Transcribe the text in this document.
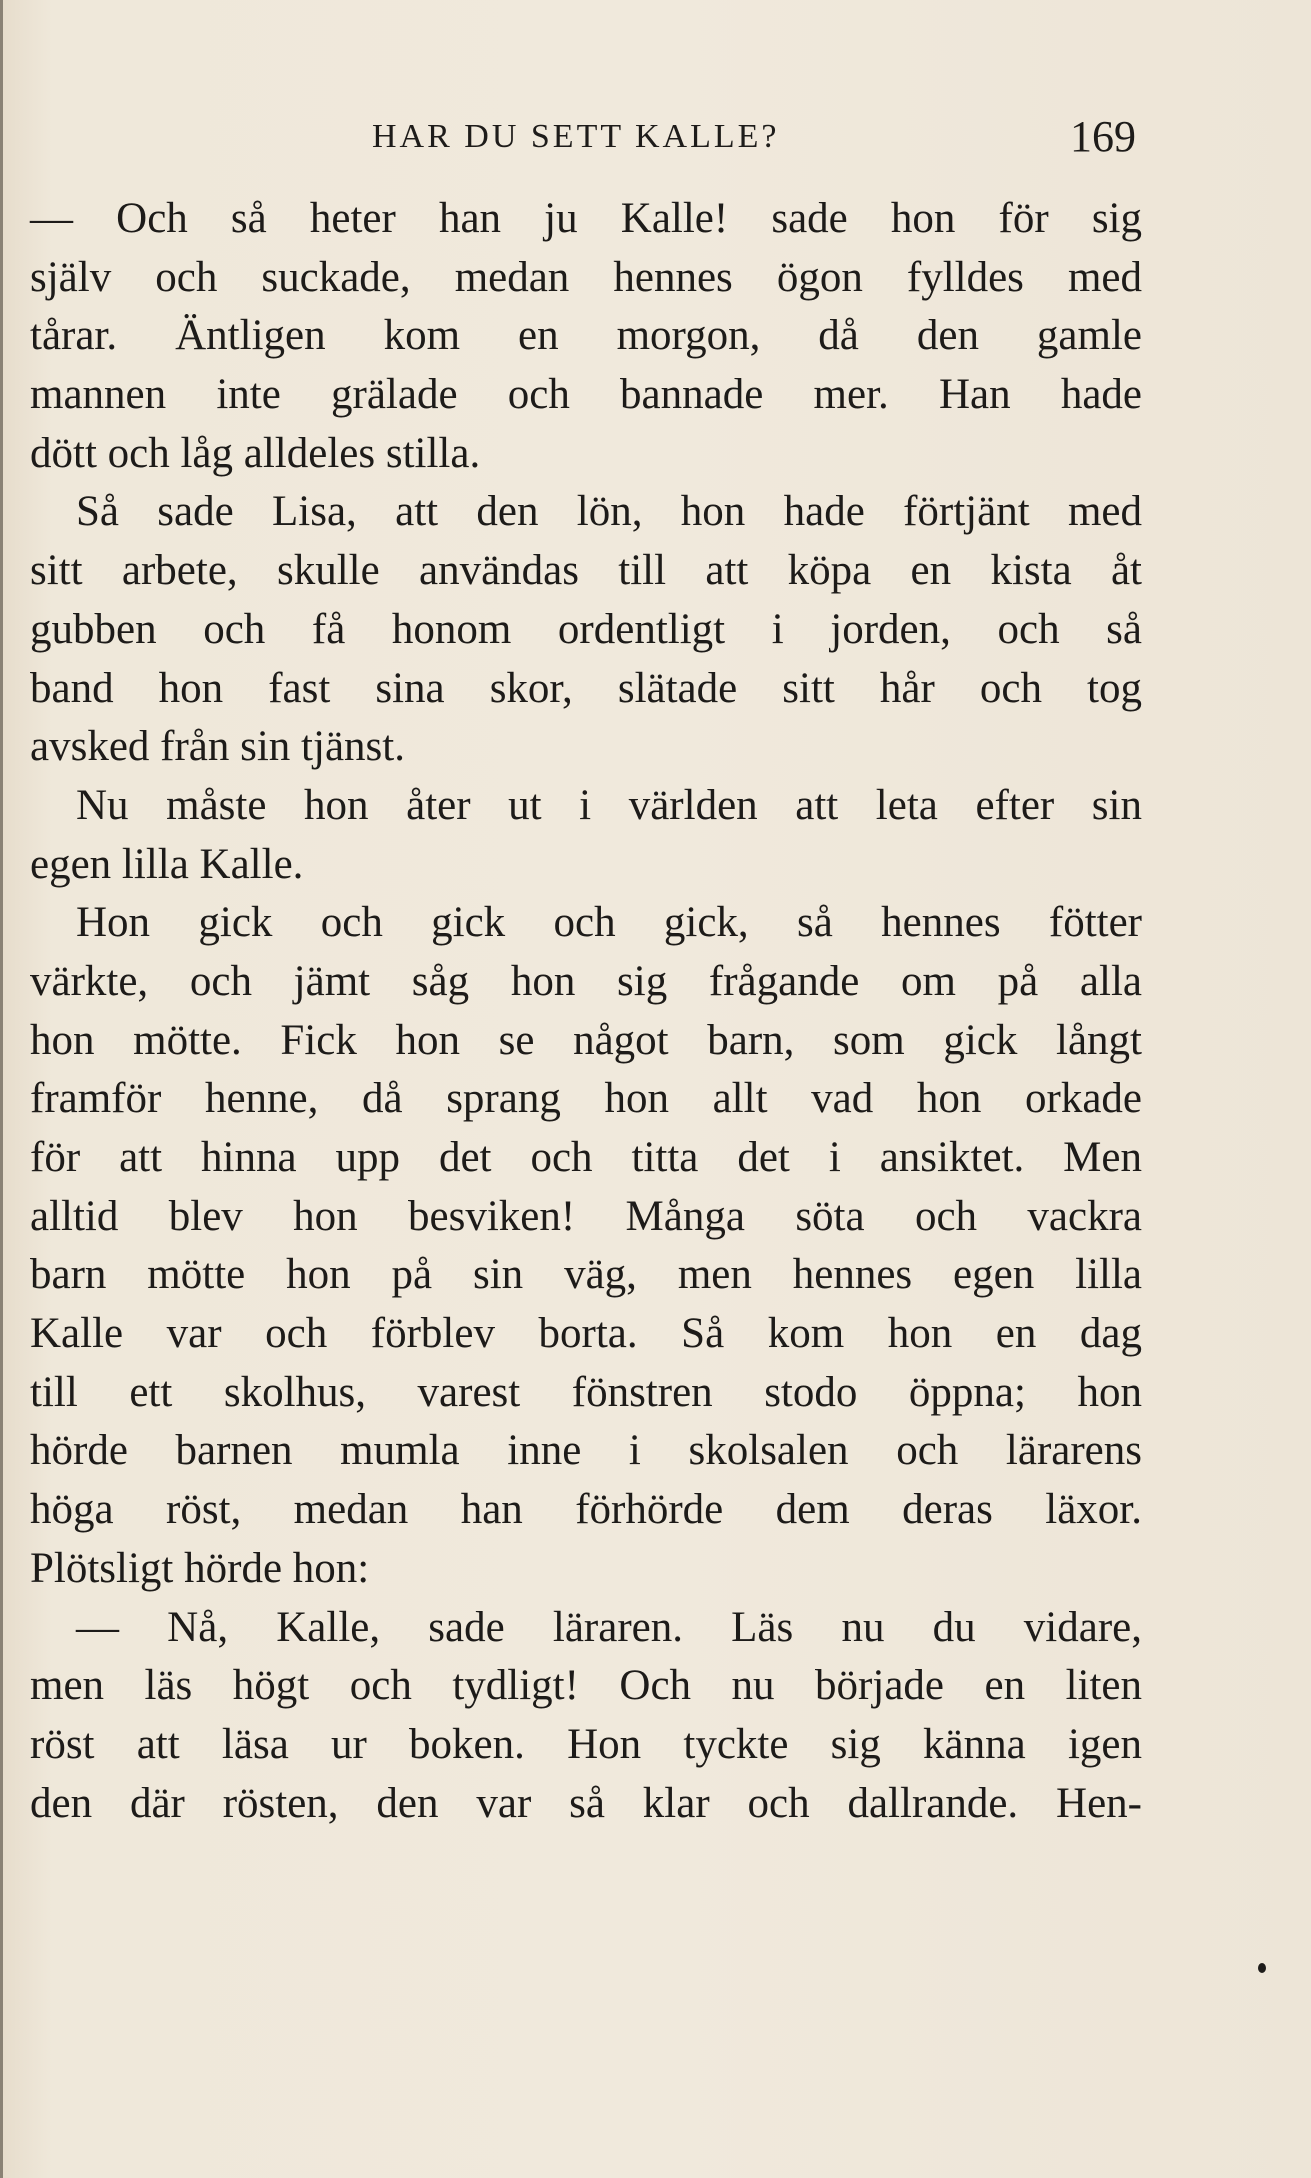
HAR DU SETT KALLE?	169
— Och så heter han ju Kalle! sade hon för sig
själv och suckade, medan hennes ögon fylldes med
tårar. Äntligen kom en morgon, då den gamle
mannen inte grälade och bannade mer. Han hade
dött och låg alldeles stilla.
Så sade Lisa, att den lön, hon hade förtjänt med
sitt arbete, skulle användas till att köpa en kista åt
gubben och få honom ordentligt i jorden, och så
band hon fast sina skor, slätade sitt hår och tog
avsked från sin tjänst.
Nu måste hon åter ut i världen att leta efter sin
egen lilla Kalle.
Hon gick och gick och gick, så hennes fötter
värkte, och jämt såg hon sig frågande om på alla
hon mötte. Fick hon se något barn, som gick långt
framför henne, då sprang hon allt vad hon orkade
för att hinna upp det och titta det i ansiktet. Men
alltid blev hon besviken! Många söta och vackra
barn mötte hon på sin väg, men hennes egen lilla
Kalle var och förblev borta. Så kom hon en dag
till ett skolhus, varest fönstren stodo öppna; hon
hörde barnen mumla inne i skolsalen och lärarens
höga röst, medan han förhörde dem deras läxor.
Plötsligt hörde hon:
— Nå, Kalle, sade läraren. Läs nu du vidare,
men läs högt och tydligt! Och nu började en liten
röst att läsa ur boken. Hon tyckte sig känna igen
den där rösten, den var så klar och dallrande. Hen-
